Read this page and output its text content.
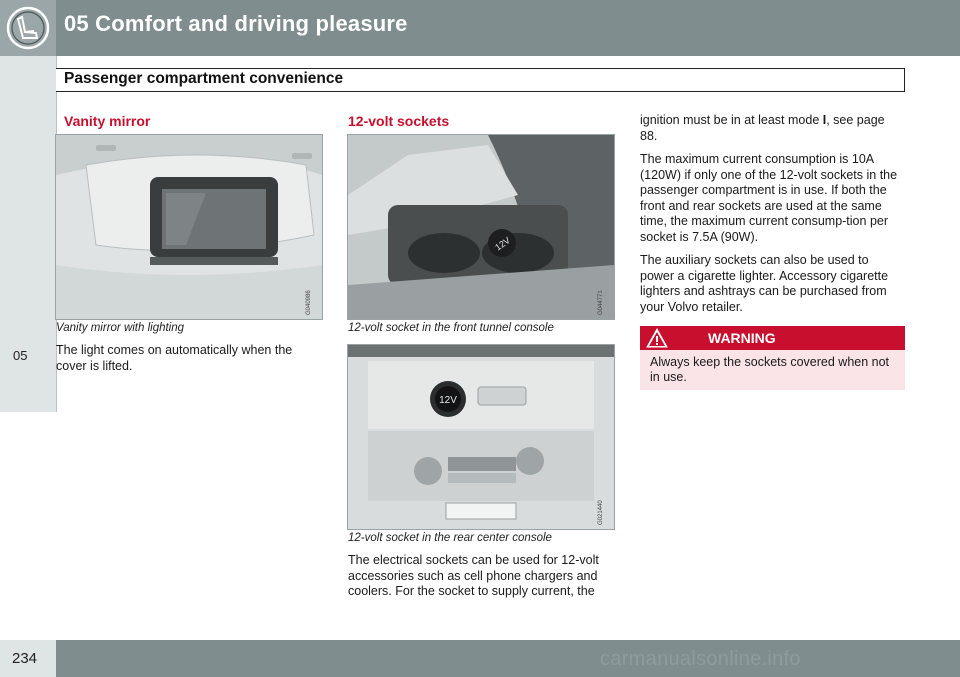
05 Comfort and driving pleasure
05
Passenger compartment convenience
Vanity mirror
G040986
Vanity mirror with lighting

The light comes on automatically when the cover is lifted.

12-volt sockets
12V
G044771
12-volt socket in the front tunnel console
12V
G021440
12-volt socket in the rear center console

The electrical sockets can be used for 12-volt accessories such as cell phone chargers and coolers. For the socket to supply current, the

ignition must be in at least mode I, see page 88.

The maximum current consumption is 10A (120W) if only one of the 12-volt sockets in the passenger compartment is in use. If both the front and rear sockets are used at the same time, the maximum current consump-tion per socket is 7.5A (90W).

The auxiliary sockets can also be used to power a cigarette lighter. Accessory cigarette lighters and ashtrays can be purchased from your Volvo retailer.

WARNING
Always keep the sockets covered when not in use.
234	carmanualsonline.info
